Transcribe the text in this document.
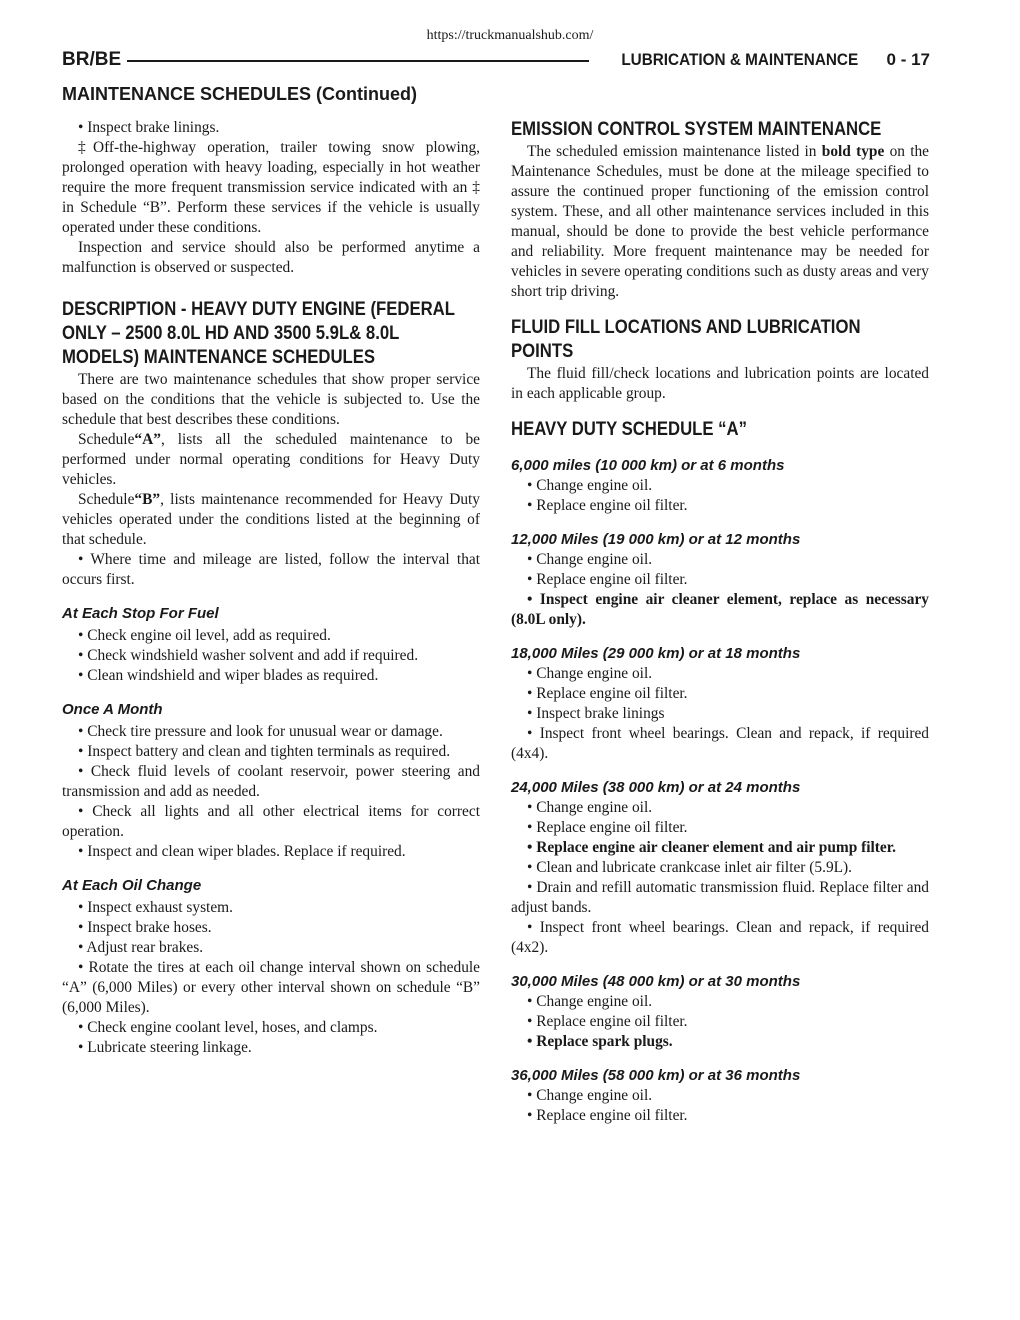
https://truckmanualshub.com/
BR/BE	LUBRICATION & MAINTENANCE 0 - 17
MAINTENANCE SCHEDULES (Continued)

• Inspect brake linings.

‡Off-the-highway operation, trailer towing snow plowing, prolonged operation with heavy loading, especially in hot weather require the more frequent transmission service indicated with an ‡ in Schedule “B”. Perform these services if the vehicle is usually operated under these conditions.

Inspection and service should also be performed anytime a malfunction is observed or suspected.

DESCRIPTION - HEAVY DUTY ENGINE (FEDERAL ONLY – 2500 8.0L HD AND 3500 5.9L& 8.0L MODELS) MAINTENANCE SCHEDULES

There are two maintenance schedules that show proper service based on the conditions that the vehicle is subjected to. Use the schedule that best describes these conditions.

Schedule“A”, lists all the scheduled maintenance to be performed under normal operating conditions for Heavy Duty vehicles.

Schedule“B”, lists maintenance recommended for Heavy Duty vehicles operated under the conditions listed at the beginning of that schedule.

• Where time and mileage are listed, follow the interval that occurs first.

At Each Stop For Fuel

• Check engine oil level, add as required.

• Check windshield washer solvent and add if required.

• Clean windshield and wiper blades as required.

Once A Month

• Check tire pressure and look for unusual wear or damage.

• Inspect battery and clean and tighten terminals as required.

• Check fluid levels of coolant reservoir, power steering and transmission and add as needed.

• Check all lights and all other electrical items for correct operation.

• Inspect and clean wiper blades. Replace if required.

At Each Oil Change

• Inspect exhaust system.

• Inspect brake hoses.

• Adjust rear brakes.

• Rotate the tires at each oil change interval shown on schedule “A” (6,000 Miles) or every other interval shown on schedule “B” (6,000 Miles).

• Check engine coolant level, hoses, and clamps.

• Lubricate steering linkage.

EMISSION CONTROL SYSTEM MAINTENANCE

The scheduled emission maintenance listed in bold type on the Maintenance Schedules, must be done at the mileage specified to assure the continued proper functioning of the emission control system. These, and all other maintenance services included in this manual, should be done to provide the best vehicle performance and reliability. More frequent maintenance may be needed for vehicles in severe operating conditions such as dusty areas and very short trip driving.

FLUID FILL LOCATIONS AND LUBRICATION POINTS

The fluid fill/check locations and lubrication points are located in each applicable group.

HEAVY DUTY SCHEDULE “A”
6,000 miles (10 000 km) or at 6 months

• Change engine oil.

• Replace engine oil filter.

12,000 Miles (19 000 km) or at 12 months

• Change engine oil.

• Replace engine oil filter.

• Inspect engine air cleaner element, replace as necessary (8.0L only).

18,000 Miles (29 000 km) or at 18 months

• Change engine oil.

• Replace engine oil filter.

• Inspect brake linings

• Inspect front wheel bearings. Clean and repack, if required (4x4).

24,000 Miles (38 000 km) or at 24 months

• Change engine oil.

• Replace engine oil filter.

• Replace engine air cleaner element and air pump filter.

• Clean and lubricate crankcase inlet air filter (5.9L).

• Drain and refill automatic transmission fluid. Replace filter and adjust bands.

• Inspect front wheel bearings. Clean and repack, if required (4x2).

30,000 Miles (48 000 km) or at 30 months

• Change engine oil.

• Replace engine oil filter.

• Replace spark plugs.

36,000 Miles (58 000 km) or at 36 months

• Change engine oil.

• Replace engine oil filter.
